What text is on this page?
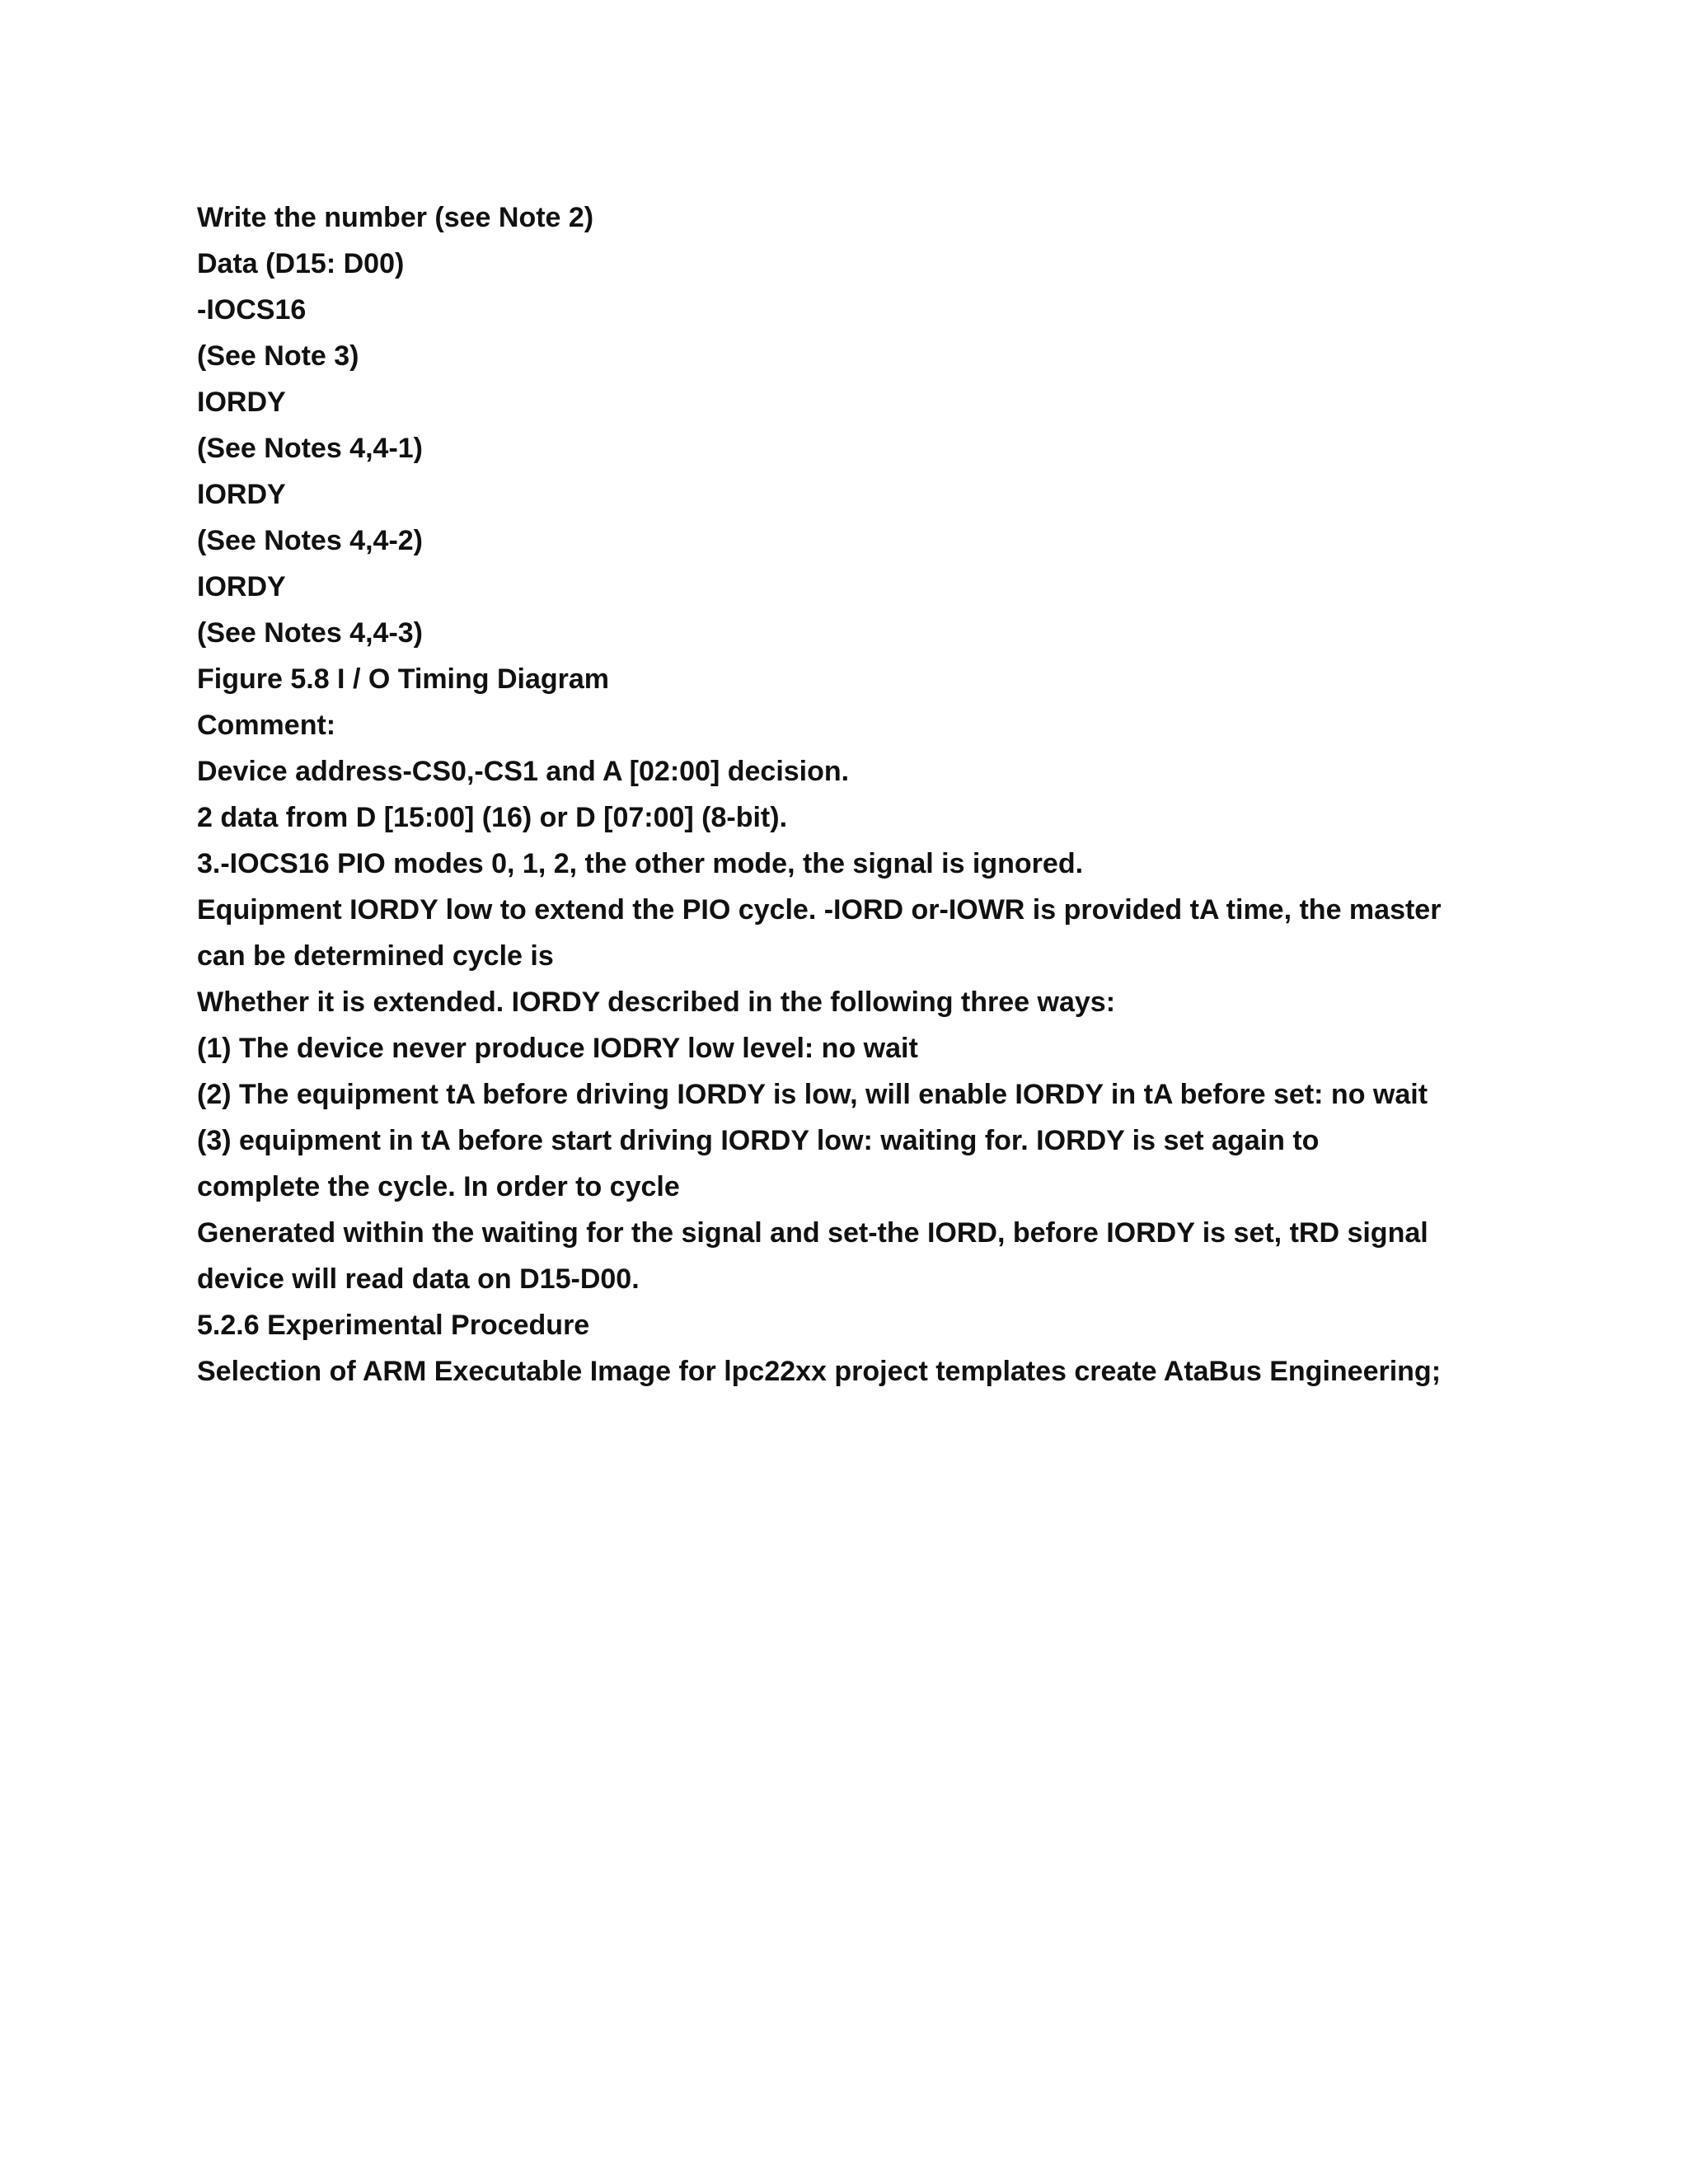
Write the number (see Note 2)
Data (D15: D00)
-IOCS16
(See Note 3)
IORDY
(See Notes 4,4-1)
IORDY
(See Notes 4,4-2)
IORDY
(See Notes 4,4-3)
Figure 5.8 I / O Timing Diagram
Comment:
Device address-CS0,-CS1 and A [02:00] decision.
2 data from D [15:00] (16) or D [07:00] (8-bit).
3.-IOCS16 PIO modes 0, 1, 2, the other mode, the signal is ignored.
Equipment IORDY low to extend the PIO cycle. -IORD or-IOWR is provided tA time, the master
can be determined cycle is
Whether it is extended. IORDY described in the following three ways:
(1) The device never produce IODRY low level: no wait
(2) The equipment tA before driving IORDY is low, will enable IORDY in tA before set: no wait
(3) equipment in tA before start driving IORDY low: waiting for. IORDY is set again to
complete the cycle. In order to cycle
Generated within the waiting for the signal and set-the IORD, before IORDY is set, tRD signal
device will read data on D15-D00.
5.2.6 Experimental Procedure
Selection of ARM Executable Image for lpc22xx project templates create AtaBus Engineering;
